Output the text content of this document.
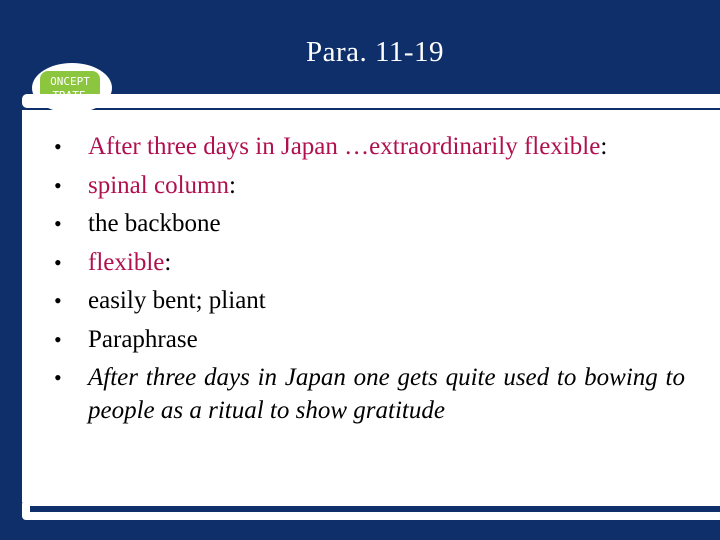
Para. 11-19
ONCEPT
• After three days in Japan …extraordinarily flexible:
• spinal column:
• the backbone
• flexible:
• easily bent; pliant
• Paraphrase
• After three days in Japan one gets quite used to bowing to people as a ritual to show gratitude
